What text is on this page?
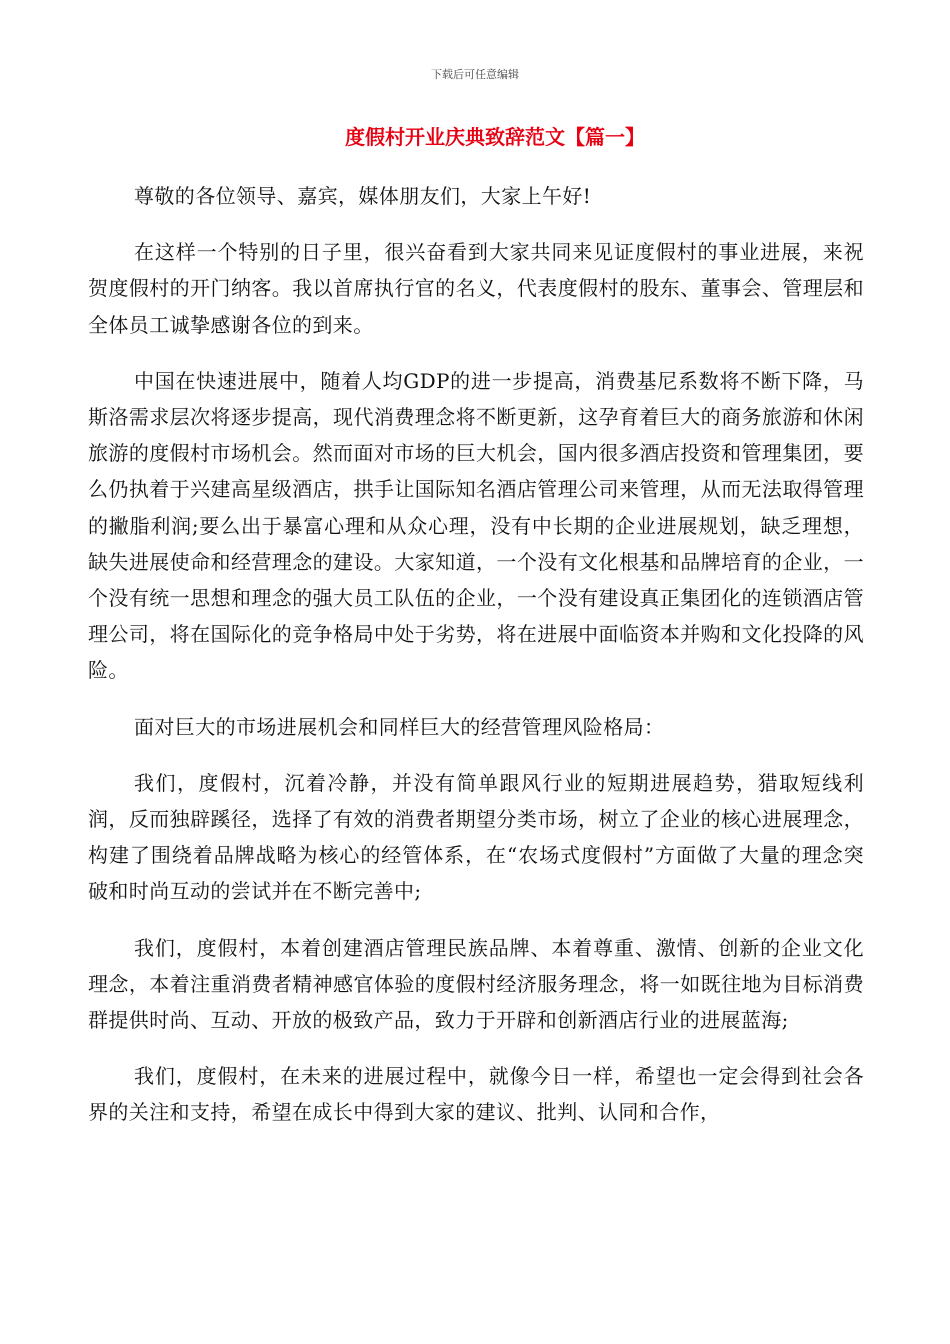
下载后可任意编辑
度假村开业庆典致辞范文【篇一】

尊敬的各位领导、嘉宾，媒体朋友们，大家上午好!

在这样一个特别的日子里，很兴奋看到大家共同来见证度假村的事业进展，来祝贺度假村的开门纳客。我以首席执行官的名义，代表度假村的股东、董事会、管理层和全体员工诚挚感谢各位的到来。

中国在快速进展中，随着人均GDP的进一步提高，消费基尼系数将不断下降，马斯洛需求层次将逐步提高，现代消费理念将不断更新，这孕育着巨大的商务旅游和休闲旅游的度假村市场机会。然而面对市场的巨大机会，国内很多酒店投资和管理集团，要么仍执着于兴建高星级酒店，拱手让国际知名酒店管理公司来管理，从而无法取得管理的撇脂利润;要么出于暴富心理和从众心理，没有中长期的企业进展规划，缺乏理想，缺失进展使命和经营理念的建设。大家知道，一个没有文化根基和品牌培育的企业，一个没有统一思想和理念的强大员工队伍的企业，一个没有建设真正集团化的连锁酒店管理公司，将在国际化的竞争格局中处于劣势，将在进展中面临资本并购和文化投降的风险。

面对巨大的市场进展机会和同样巨大的经营管理风险格局：

我们，度假村，沉着冷静，并没有简单跟风行业的短期进展趋势，猎取短线利润，反而独辟蹊径，选择了有效的消费者期望分类市场，树立了企业的核心进展理念，构建了围绕着品牌战略为核心的经管体系，在“农场式度假村”方面做了大量的理念突破和时尚互动的尝试并在不断完善中;

我们，度假村，本着创建酒店管理民族品牌、本着尊重、激情、创新的企业文化理念，本着注重消费者精神感官体验的度假村经济服务理念，将一如既往地为目标消费群提供时尚、互动、开放的极致产品，致力于开辟和创新酒店行业的进展蓝海;

我们，度假村，在未来的进展过程中，就像今日一样，希望也一定会得到社会各界的关注和支持，希望在成长中得到大家的建议、批判、认同和合作，
